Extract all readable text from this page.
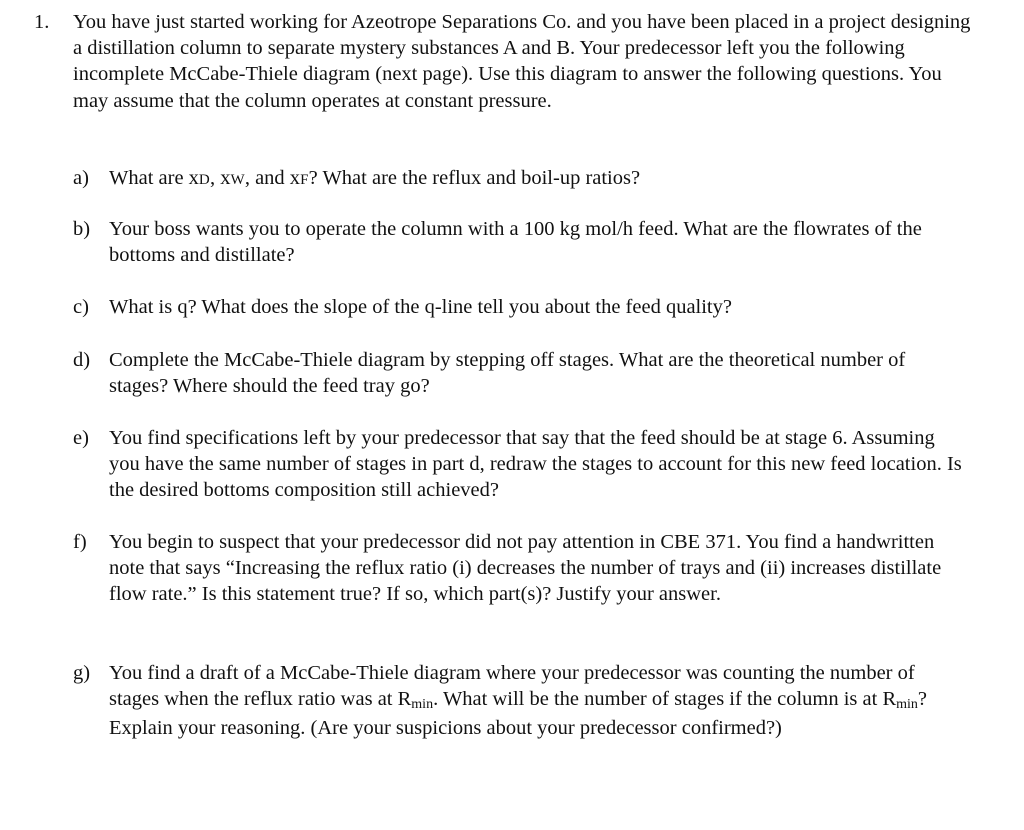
1. You have just started working for Azeotrope Separations Co. and you have been placed in a project designing a distillation column to separate mystery substances A and B. Your predecessor left you the following incomplete McCabe-Thiele diagram (next page). Use this diagram to answer the following questions. You may assume that the column operates at constant pressure.
a) What are xD, xW, and xF? What are the reflux and boil-up ratios?
b) Your boss wants you to operate the column with a 100 kg mol/h feed. What are the flowrates of the bottoms and distillate?
c) What is q? What does the slope of the q-line tell you about the feed quality?
d) Complete the McCabe-Thiele diagram by stepping off stages. What are the theoretical number of stages? Where should the feed tray go?
e) You find specifications left by your predecessor that say that the feed should be at stage 6. Assuming you have the same number of stages in part d, redraw the stages to account for this new feed location. Is the desired bottoms composition still achieved?
f) You begin to suspect that your predecessor did not pay attention in CBE 371. You find a handwritten note that says “Increasing the reflux ratio (i) decreases the number of trays and (ii) increases distillate flow rate.” Is this statement true? If so, which part(s)? Justify your answer.
g) You find a draft of a McCabe-Thiele diagram where your predecessor was counting the number of stages when the reflux ratio was at Rmin. What will be the number of stages if the column is at Rmin? Explain your reasoning. (Are your suspicions about your predecessor confirmed?)
